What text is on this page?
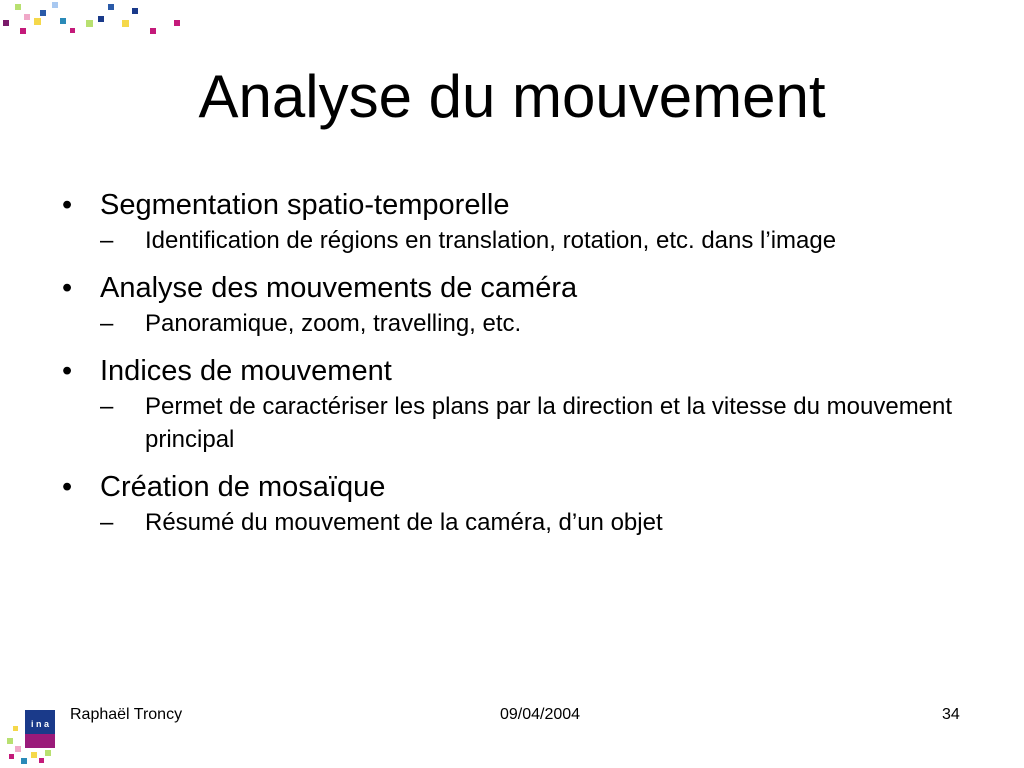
Analyse du mouvement
• Segmentation spatio-temporelle
– Identification de régions en translation, rotation, etc. dans l’image
• Analyse des mouvements de caméra
– Panoramique, zoom, travelling, etc.
• Indices de mouvement
– Permet de caractériser les plans par la direction et la vitesse du mouvement principal
• Création de mosaïque
– Résumé du mouvement de la caméra, d’un objet
i n a
Raphaël Troncy	09/04/2004	34
